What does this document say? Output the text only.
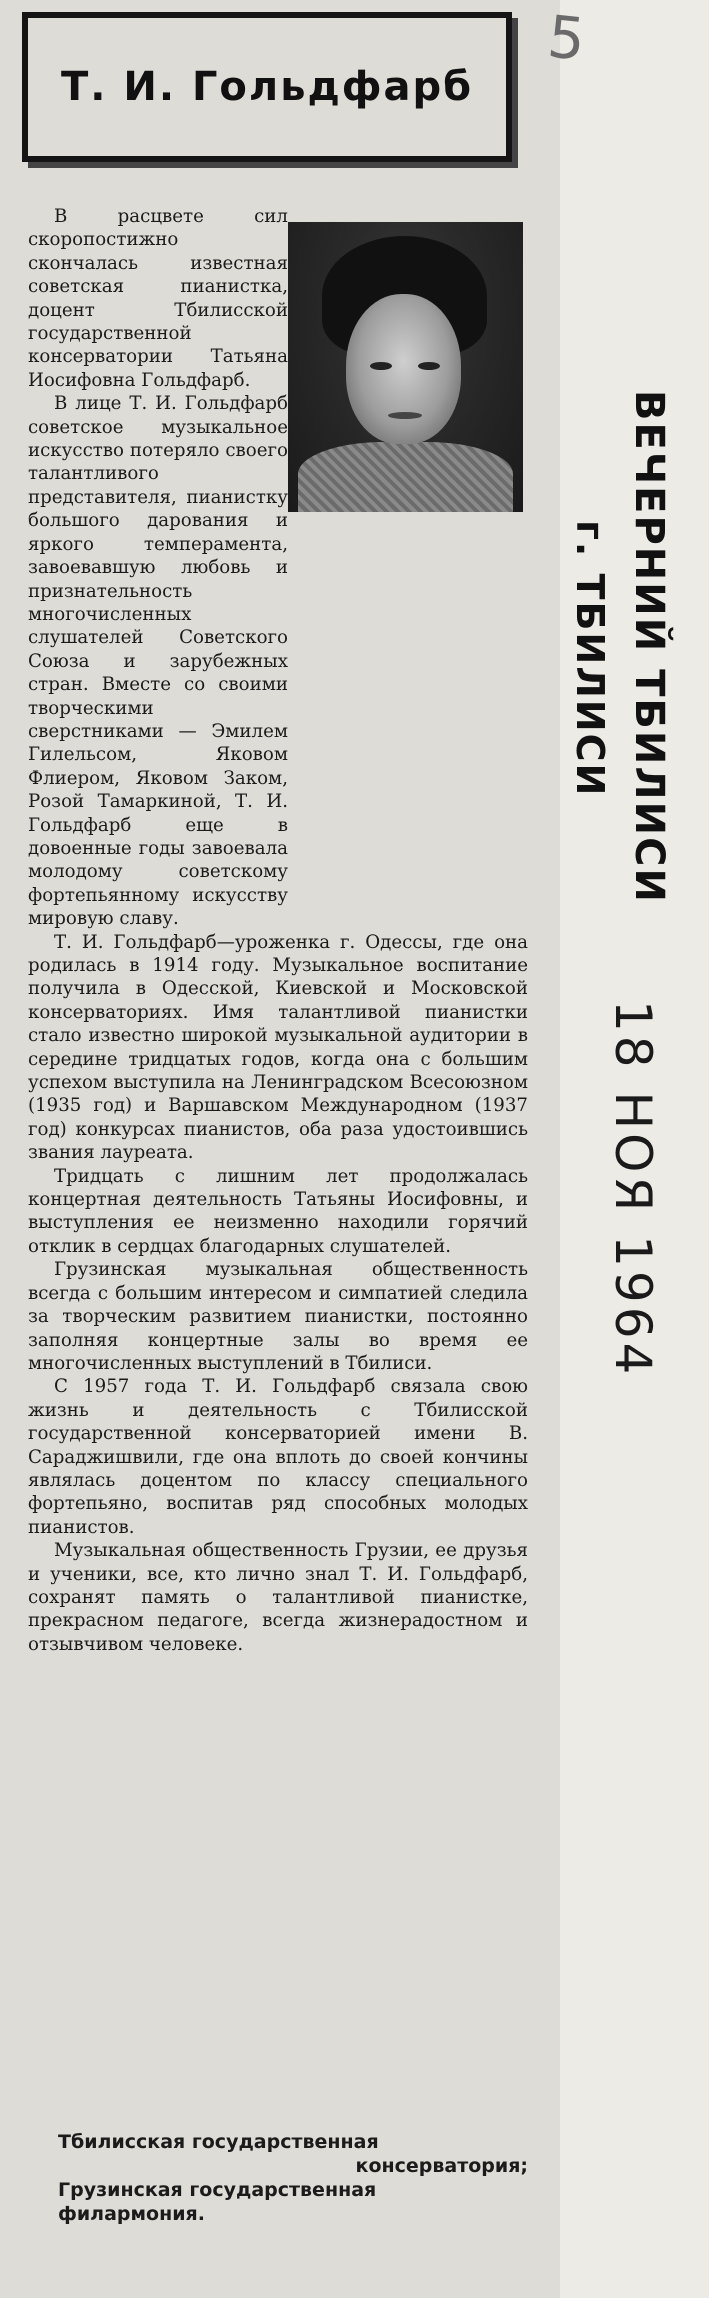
5
Т. И. Гольдфарб

В расцвете сил скоропостижно скончалась известная советская пианистка, доцент Тбилисской государственной консерватории Татьяна Иосифовна Гольдфарб.

В лице Т. И. Гольдфарб советское музыкальное искусство потеряло своего талантливого представителя, пианистку большого дарования и яркого темперамента, завоевавшую любовь и признательность многочисленных слушателей Советского Союза и зарубежных стран. Вместе со своими творческими сверстниками — Эмилем Гилельсом, Яковом Флиером, Яковом Заком, Розой Тамаркиной, Т. И. Гольдфарб еще в довоенные годы завоевала молодому советскому фортепьянному искусству мировую славу.

Т. И. Гольдфарб—уроженка г. Одессы, где она родилась в 1914 году. Музыкальное воспитание получила в Одесской, Киевской и Московской консерваториях. Имя талантливой пианистки стало известно широкой музыкальной аудитории в середине тридцатых годов, когда она с большим успехом выступила на Ленинградском Всесоюзном (1935 год) и Варшавском Международном (1937 год) конкурсах пианистов, оба раза удостоившись звания лауреата.

Тридцать с лишним лет продолжалась концертная деятельность Татьяны Иосифовны, и выступления ее неизменно находили горячий отклик в сердцах благодарных слушателей.

Грузинская музыкальная общественность всегда с большим интересом и симпатией следила за творческим развитием пианистки, постоянно заполняя концертные залы во время ее многочисленных выступлений в Тбилиси.

С 1957 года Т. И. Гольдфарб связала свою жизнь и деятельность с Тбилисской государственной консерваторией имени В. Сараджишвили, где она вплоть до своей кончины являлась доцентом по классу специального фортепьяно, воспитав ряд способных молодых пианистов.

Музыкальная общественность Грузии, ее друзья и ученики, все, кто лично знал Т. И. Гольдфарб, сохранят память о талантливой пианистке, прекрасном педагоге, всегда жизнерадостном и отзывчивом человеке.

Тбилисская государственная
консерватория;
Грузинская государственная
филармония.
ВЕЧЕРНИЙ ТБИЛИСИ
г. ТБИЛИСИ
18 НОЯ 1964
